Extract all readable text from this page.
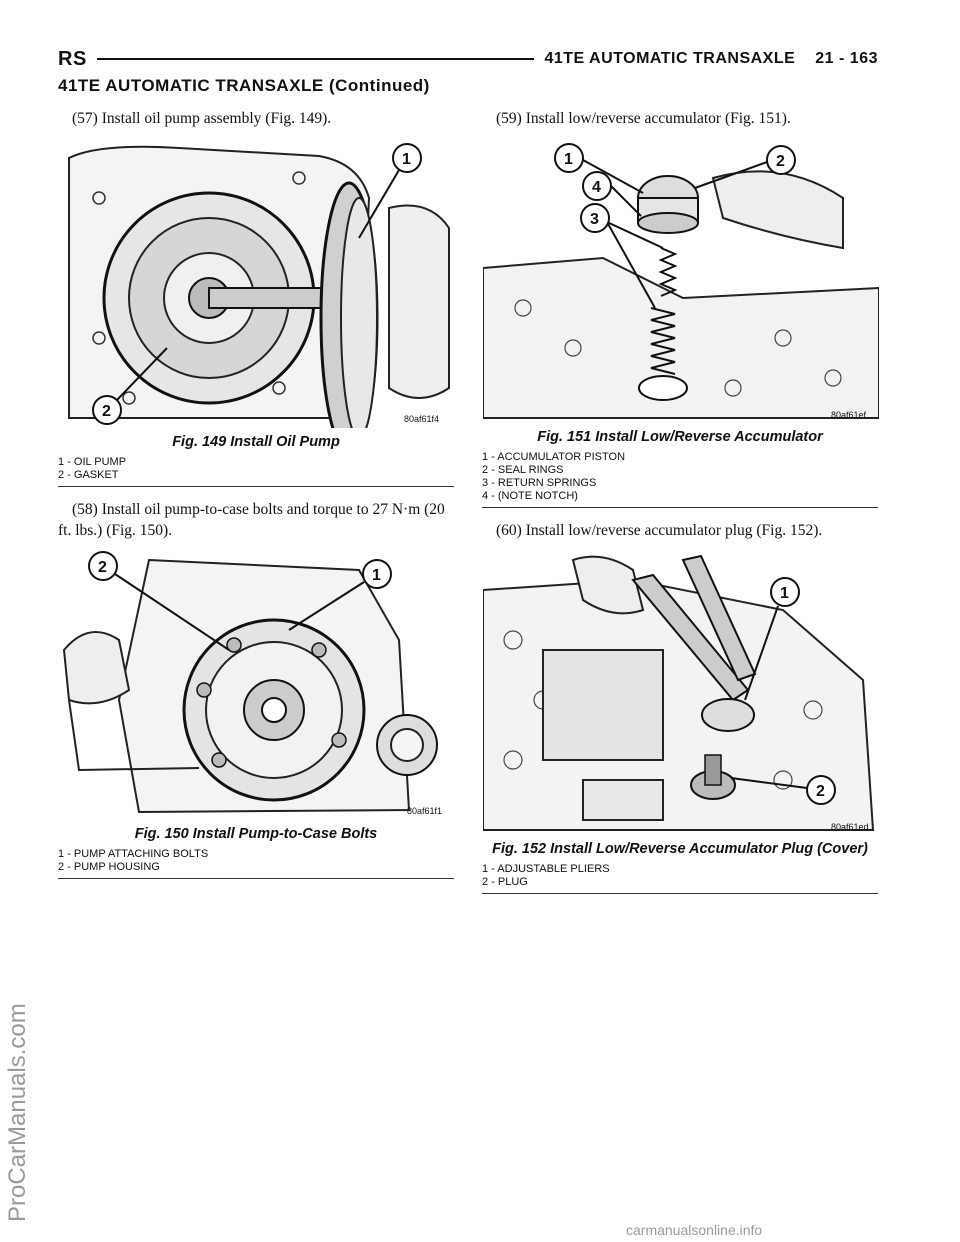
RS	41TE AUTOMATIC TRANSAXLE 21 - 163
41TE AUTOMATIC TRANSAXLE (Continued)

(57) Install oil pump assembly (Fig. 149).

1
2	80af61f4
Fig. 149 Install Oil Pump
1 - OIL PUMP
2 - GASKET

(58) Install oil pump-to-case bolts and torque to 27 N·m (20 ft. lbs.) (Fig. 150).

1
2
80af61f1
Fig. 150 Install Pump-to-Case Bolts
1 - PUMP ATTACHING BOLTS
2 - PUMP HOUSING

(59) Install low/reverse accumulator (Fig. 151).

1	2
3
4
80af61ef
Fig. 151 Install Low/Reverse Accumulator
1 - ACCUMULATOR PISTON
2 - SEAL RINGS
3 - RETURN SPRINGS
4 - (NOTE NOTCH)

(60) Install low/reverse accumulator plug (Fig. 152).

1
2
80af61ed
Fig. 152 Install Low/Reverse Accumulator Plug (Cover)
1 - ADJUSTABLE PLIERS
2 - PLUG
ProCarManuals.com
carmanualsonline.info
